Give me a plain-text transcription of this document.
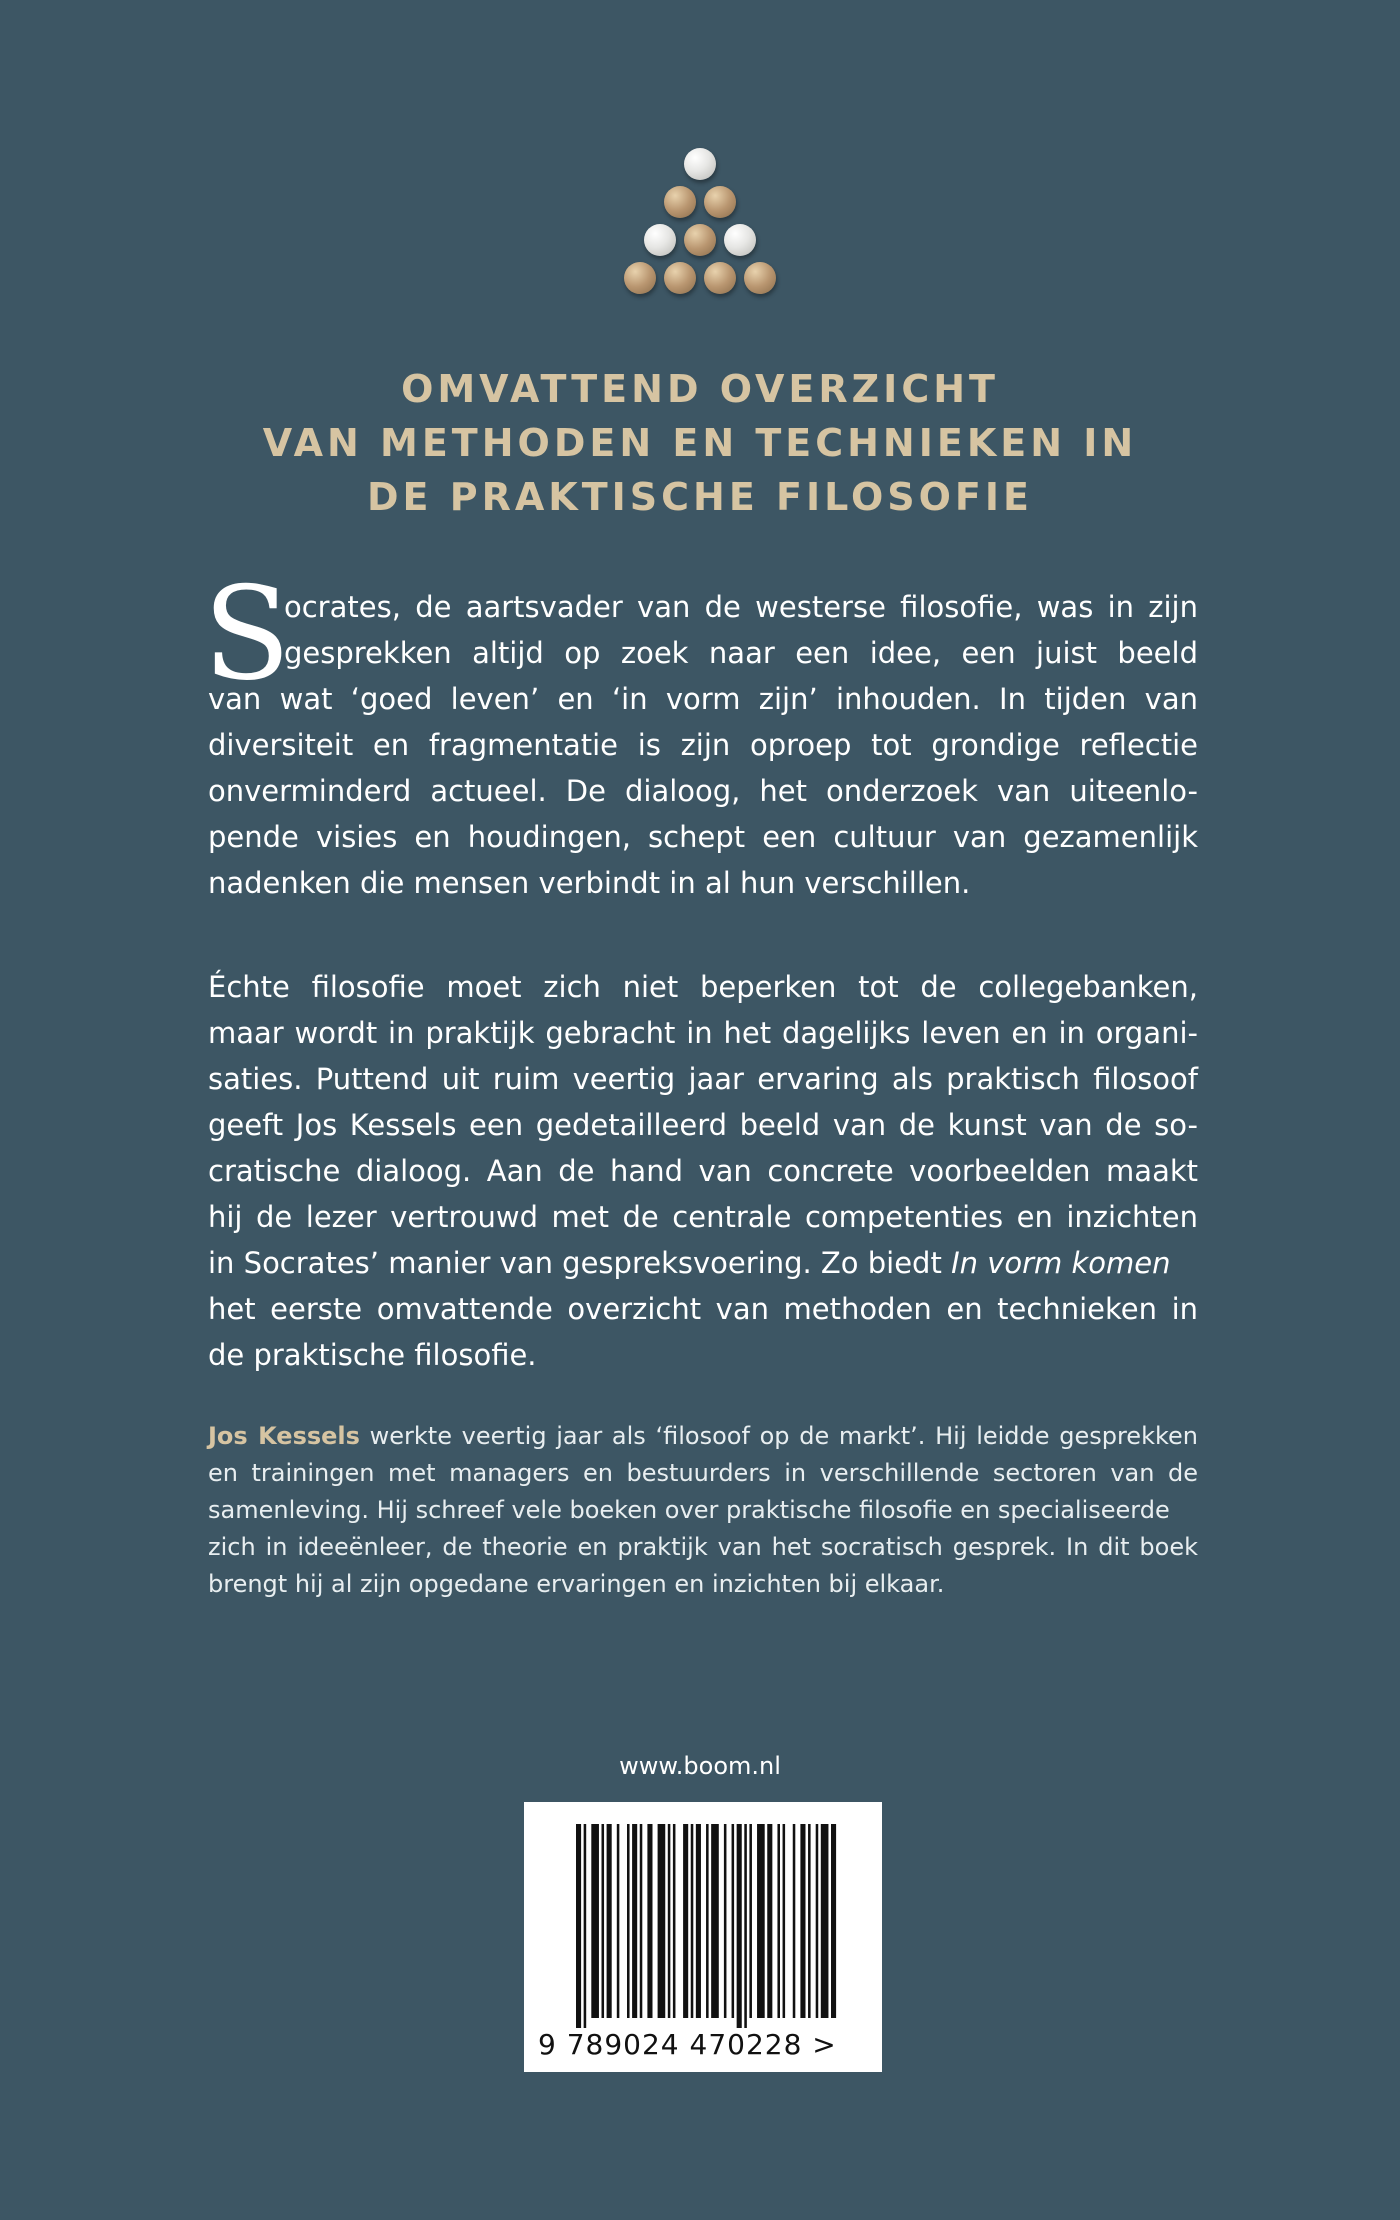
OMVATTEND OVERZICHT
VAN METHODEN EN TECHNIEKEN IN
DE PRAKTISCHE FILOSOFIE
S
ocrates, de aartsvader van de westerse filosofie, was in zijn
gesprekken altijd op zoek naar een idee, een juist beeld
van wat ‘goed leven’ en ‘in vorm zijn’ inhouden. In tijden van
diversiteit en fragmentatie is zijn oproep tot grondige reflectie
onverminderd actueel. De dialoog, het onderzoek van uiteenlo-
pende visies en houdingen, schept een cultuur van gezamenlijk
nadenken die mensen verbindt in al hun verschillen.
Échte filosofie moet zich niet beperken tot de collegebanken,
maar wordt in praktijk gebracht in het dagelijks leven en in organi-
saties. Puttend uit ruim veertig jaar ervaring als praktisch filosoof
geeft Jos Kessels een gedetailleerd beeld van de kunst van de so-
cratische dialoog. Aan de hand van concrete voorbeelden maakt
hij de lezer vertrouwd met de centrale competenties en inzichten
in Socrates’ manier van gespreksvoering. Zo biedt In vorm komen
het eerste omvattende overzicht van methoden en technieken in
de praktische filosofie.
Jos Kessels werkte veertig jaar als ‘filosoof op de markt’. Hij leidde gesprekken
en trainingen met managers en bestuurders in verschillende sectoren van de
samenleving. Hij schreef vele boeken over praktische filosofie en specialiseerde
zich in ideeënleer, de theorie en praktijk van het socratisch gesprek. In dit boek
brengt hij al zijn opgedane ervaringen en inzichten bij elkaar.
www.boom.nl
9 789024 470228 >
